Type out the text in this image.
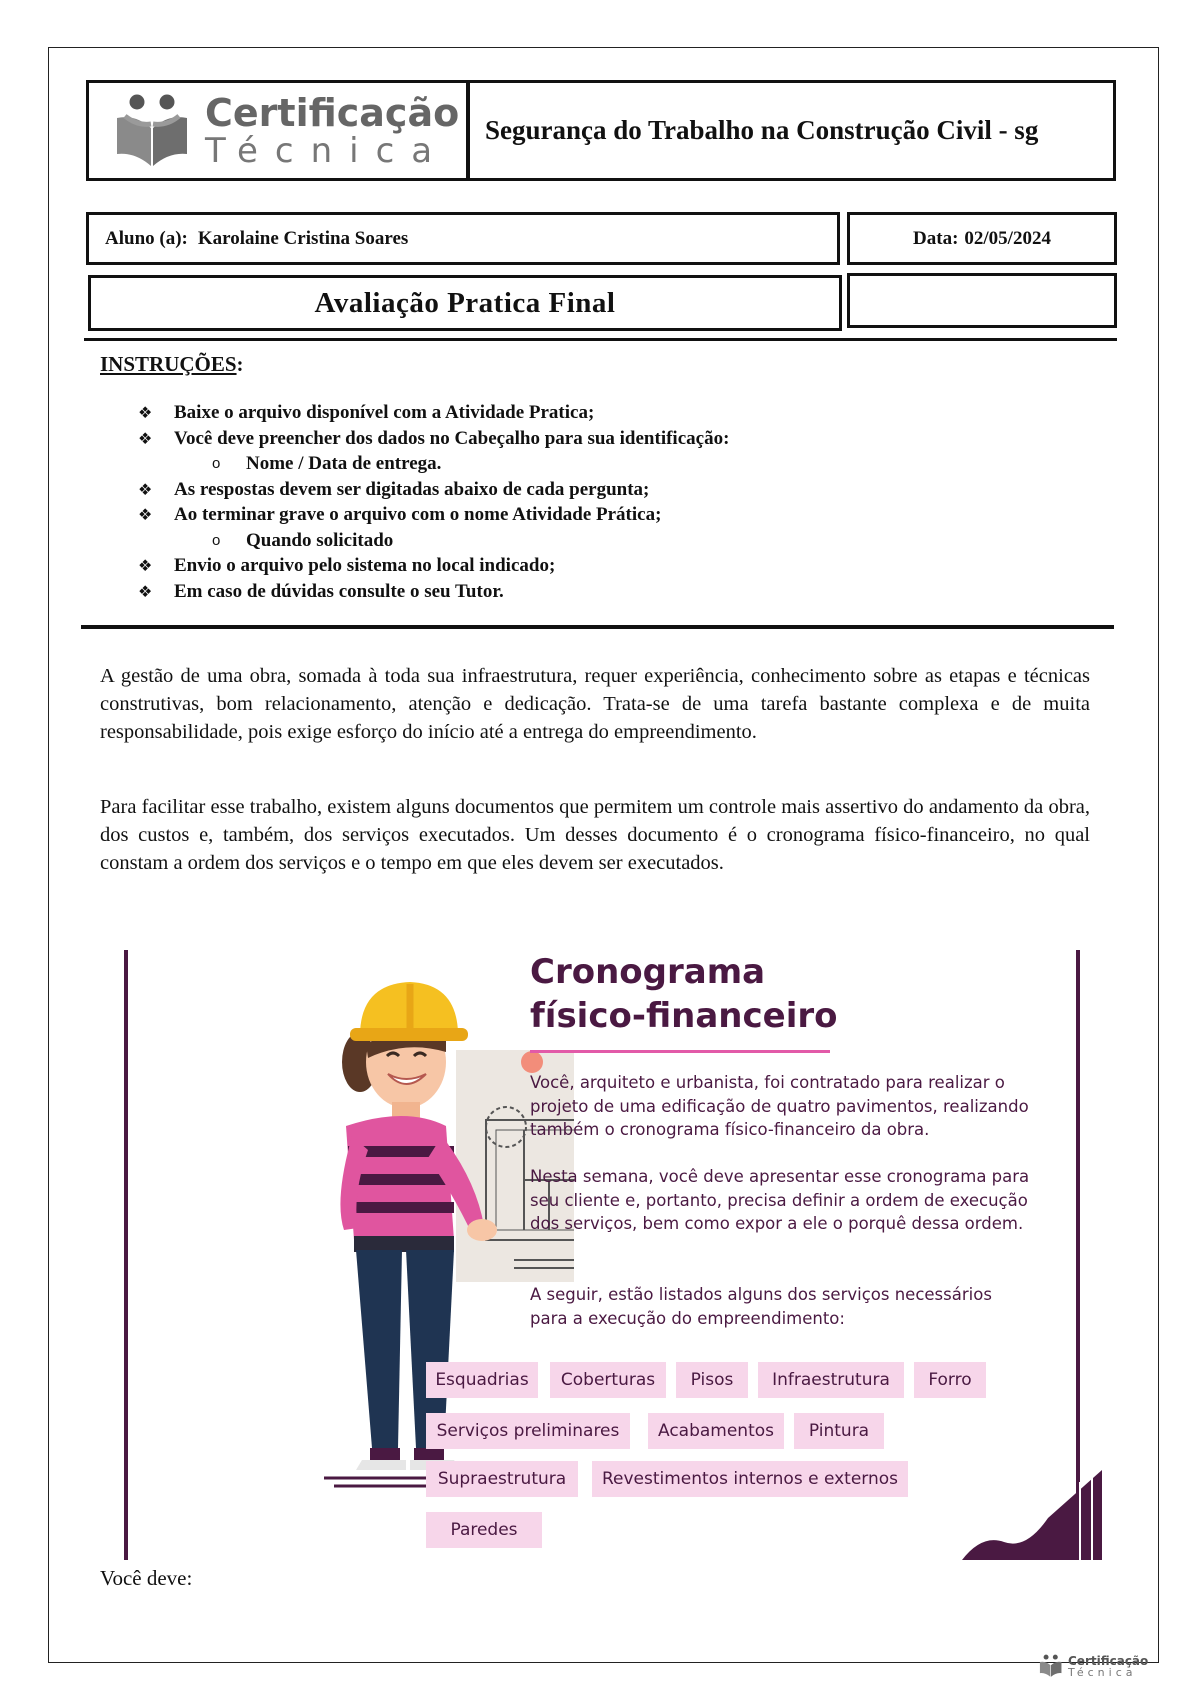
Certificação
Técnica
Segurança do Trabalho na Construção Civil - sg
Aluno (a): Karolaine Cristina Soares	Data: 02/05/2024
Avaliação Pratica Final
INSTRUÇÕES:
❖	Baixe o arquivo disponível com a Atividade Pratica;
❖	Você deve preencher dos dados no Cabeçalho para sua identificação:
o	Nome / Data de entrega.
❖	As respostas devem ser digitadas abaixo de cada pergunta;
❖	Ao terminar grave o arquivo com o nome Atividade Prática;
o	Quando solicitado
❖	Envio o arquivo pelo sistema no local indicado;
❖	Em caso de dúvidas consulte o seu Tutor.

A gestão de uma obra, somada à toda sua infraestrutura, requer experiência, conhecimento sobre as etapas e técnicas construtivas, bom relacionamento, atenção e dedicação. Trata-se de uma tarefa bastante complexa e de muita responsabilidade, pois exige esforço do início até a entrega do empreendimento.

Para facilitar esse trabalho, existem alguns documentos que permitem um controle mais assertivo do andamento da obra, dos custos e, também, dos serviços executados. Um desses documento é o cronograma físico-financeiro, no qual constam a ordem dos serviços e o tempo em que eles devem ser executados.

Cronograma
físico-financeiro

Você, arquiteto e urbanista, foi contratado para realizar o projeto de uma edificação de quatro pavimentos, realizando também o cronograma físico-financeiro da obra.

Nesta semana, você deve apresentar esse cronograma para seu cliente e, portanto, precisa definir a ordem de execução dos serviços, bem como expor a ele o porquê dessa ordem.

A seguir, estão listados alguns dos serviços necessários para a execução do empreendimento:

Esquadrias	Coberturas	Pisos	Infraestrutura	Forro
Serviços preliminares	Acabamentos	Pintura
Supraestrutura	Revestimentos internos e externos
Paredes
Você deve:
Certificação
Técnica
